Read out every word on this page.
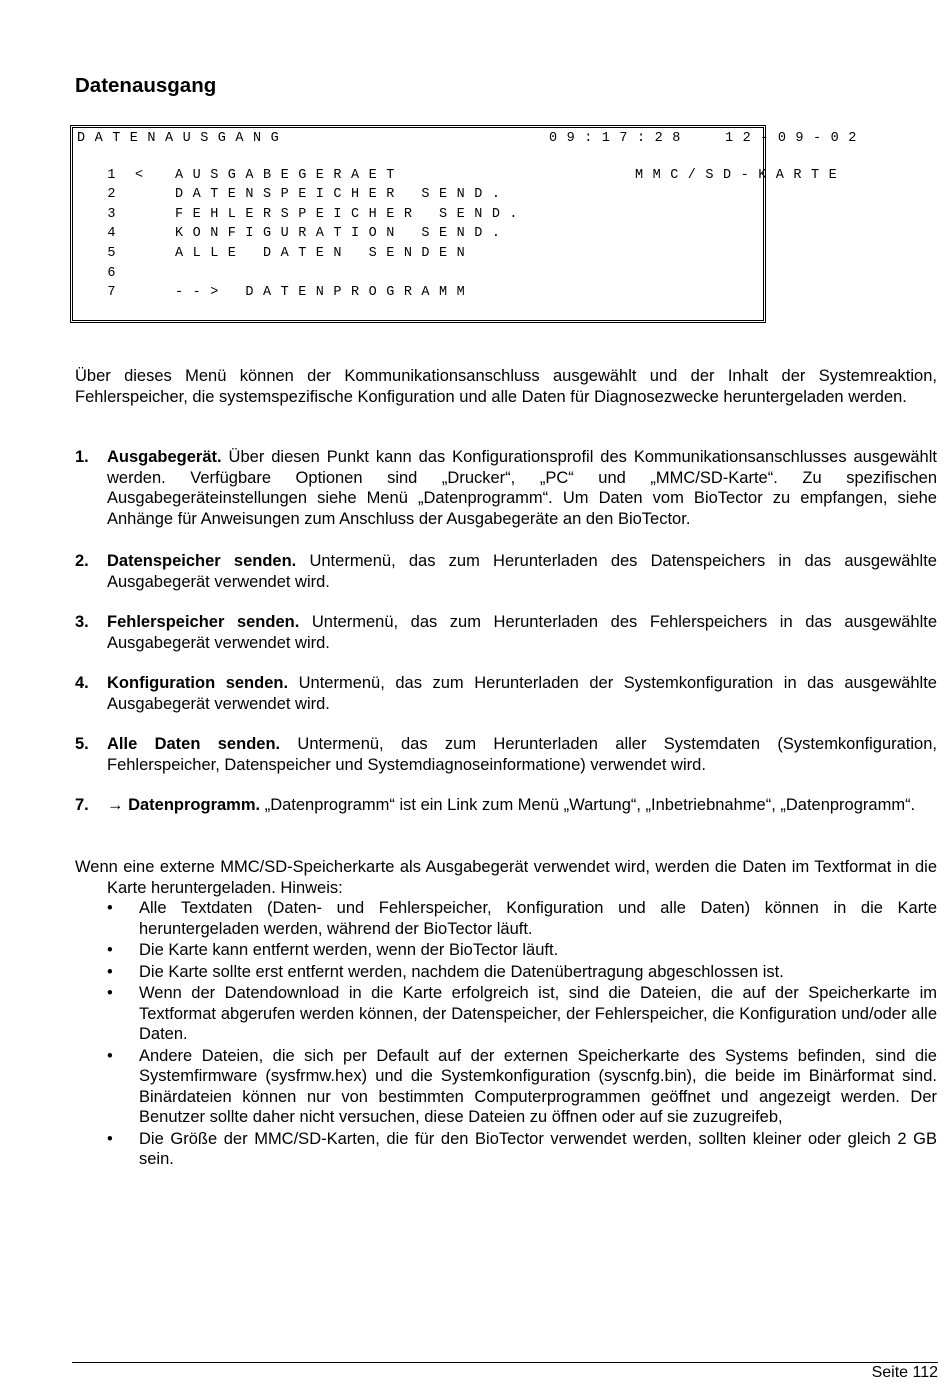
Datenausgang
DATENAUSGANG	09:17:28  12-09-02
1 < AUSGABEGERAET	MMC/SD-KARTE
2	DATENSPEICHER SEND.
3	FEHLERSPEICHER SEND.
4	KONFIGURATION SEND.
5	ALLE DATEN SENDEN
6
7	--> DATENPROGRAMM
Über dieses Menü können der Kommunikationsanschluss ausgewählt und der Inhalt der Systemreaktion, Fehlerspeicher, die systemspezifische Konfiguration und alle Daten für Diagnosezwecke heruntergeladen werden.
1.	Ausgabegerät. Über diesen Punkt kann das Konfigurationsprofil des Kommunikationsanschlusses ausgewählt werden. Verfügbare Optionen sind „Drucker“, „PC“ und „MMC/SD-Karte“. Zu spezifischen Ausgabegeräteinstellungen siehe Menü „Datenprogramm“. Um Daten vom BioTector zu empfangen, siehe Anhänge für Anweisungen zum Anschluss der Ausgabegeräte an den BioTector.
2.	Datenspeicher senden. Untermenü, das zum Herunterladen des Datenspeichers in das ausgewählte Ausgabegerät verwendet wird.
3.	Fehlerspeicher senden. Untermenü, das zum Herunterladen des Fehlerspeichers in das ausgewählte Ausgabegerät verwendet wird.
4.	Konfiguration senden. Untermenü, das zum Herunterladen der Systemkonfiguration in das ausgewählte Ausgabegerät verwendet wird.
5.	Alle Daten senden. Untermenü, das zum Herunterladen aller Systemdaten (Systemkonfiguration, Fehlerspeicher, Datenspeicher und Systemdiagnoseinformatione) verwendet wird.
7.	→ Datenprogramm. „Datenprogramm“ ist ein Link zum Menü „Wartung“, „Inbetriebnahme“, „Datenprogramm“.
Wenn eine externe MMC/SD-Speicherkarte als Ausgabegerät verwendet wird, werden die Daten im Textformat in die Karte heruntergeladen. Hinweis:
• Alle Textdaten (Daten- und Fehlerspeicher, Konfiguration und alle Daten) können in die Karte heruntergeladen werden, während der BioTector läuft.
• Die Karte kann entfernt werden, wenn der BioTector läuft.
• Die Karte sollte erst entfernt werden, nachdem die Datenübertragung abgeschlossen ist.
• Wenn der Datendownload in die Karte erfolgreich ist, sind die Dateien, die auf der Speicherkarte im Textformat abgerufen werden können, der Datenspeicher, der Fehlerspeicher, die Konfiguration und/oder alle Daten.
• Andere Dateien, die sich per Default auf der externen Speicherkarte des Systems befinden, sind die Systemfirmware (sysfrmw.hex) und die Systemkonfiguration (syscnfg.bin), die beide im Binärformat sind. Binärdateien können nur von bestimmten Computerprogrammen geöffnet und angezeigt werden. Der Benutzer sollte daher nicht versuchen, diese Dateien zu öffnen oder auf sie zuzugreifeb,
• Die Größe der MMC/SD-Karten, die für den BioTector verwendet werden, sollten kleiner oder gleich 2 GB sein.
Seite 112
